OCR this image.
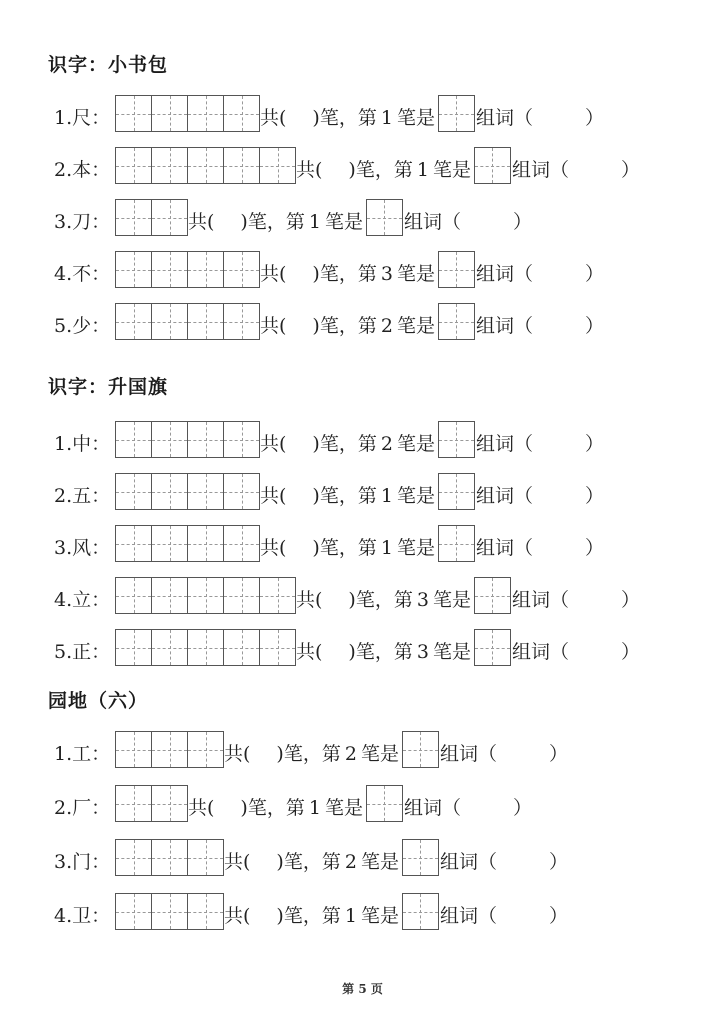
识字：小书包
1.尺：	共( )笔，第 1 笔是 组词（	）
2.本：	共( )笔，第 1 笔是 组词（	）
3.刀：	共( )笔，第 1 笔是 组词（	）
4.不：	共( )笔，第 3 笔是 组词（	）
5.少：	共( )笔，第 2 笔是 组词（	）
识字：升国旗
1.中：	共( )笔，第 2 笔是 组词（	）
2.五：	共( )笔，第 1 笔是 组词（	）
3.风：	共( )笔，第 1 笔是 组词（	）
4.立：	共( )笔，第 3 笔是 组词（	）
5.正：	共( )笔，第 3 笔是 组词（	）
园地（六）
1.工：	共( )笔，第 2 笔是 组词（	）
2.厂：	共( )笔，第 1 笔是 组词（	）
3.门：	共( )笔，第 2 笔是 组词（	）
4.卫：	共( )笔，第 1 笔是 组词（	）
第 5 页
